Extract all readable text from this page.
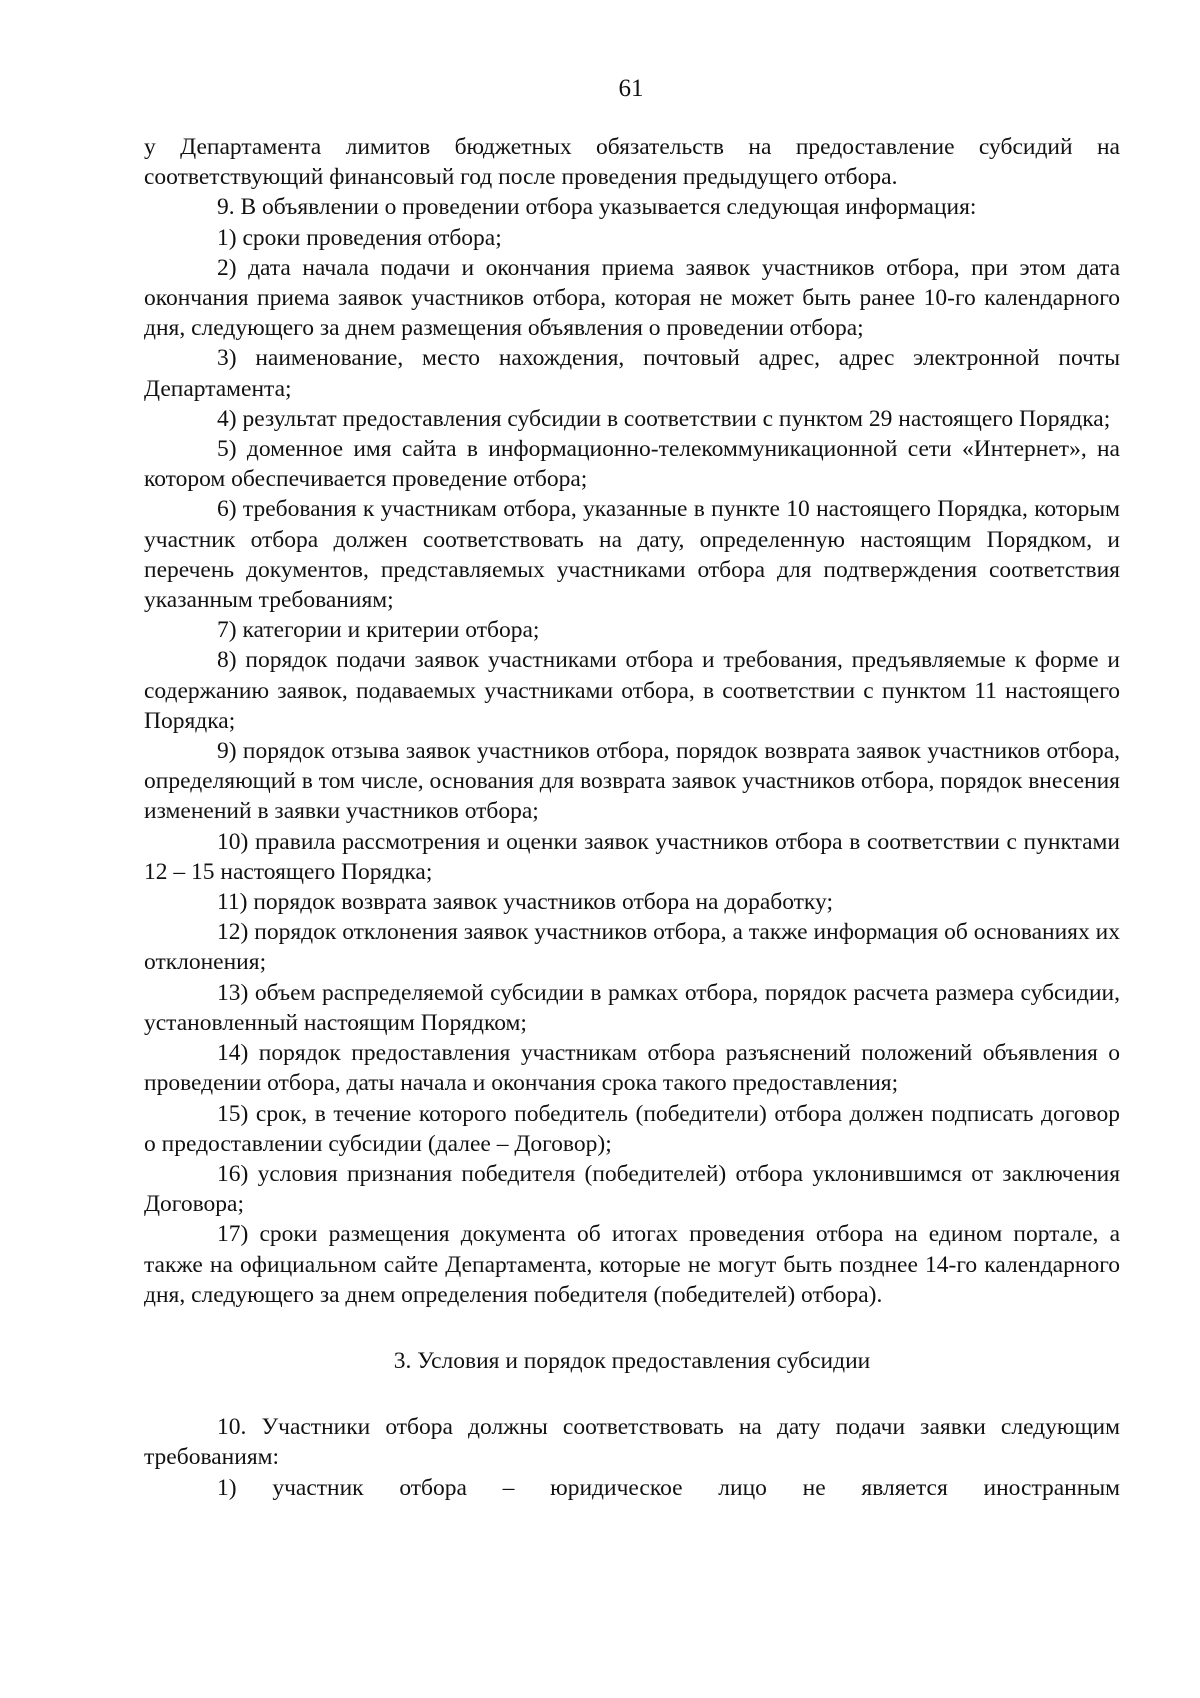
61

у Департамента лимитов бюджетных обязательств на предоставление субсидий на соответствующий финансовый год после проведения предыдущего отбора.

9. В объявлении о проведении отбора указывается следующая информация:

1) сроки проведения отбора;

2) дата начала подачи и окончания приема заявок участников отбора, при этом дата окончания приема заявок участников отбора, которая не может быть ранее 10-го календарного дня, следующего за днем размещения объявления о проведении отбора;

3) наименование, место нахождения, почтовый адрес, адрес электронной почты Департамента;

4) результат предоставления субсидии в соответствии с пунктом 29 настоящего Порядка;

5) доменное имя сайта в информационно-телекоммуникационной сети «Интернет», на котором обеспечивается проведение отбора;

6) требования к участникам отбора, указанные в пункте 10 настоящего Порядка, которым участник отбора должен соответствовать на дату, определенную настоящим Порядком, и перечень документов, представляемых участниками отбора для подтверждения соответствия указанным требованиям;

7) категории и критерии отбора;

8) порядок подачи заявок участниками отбора и требования, предъявляемые к форме и содержанию заявок, подаваемых участниками отбора, в соответствии с пунктом 11 настоящего Порядка;

9) порядок отзыва заявок участников отбора, порядок возврата заявок участников отбора, определяющий в том числе, основания для возврата заявок участников отбора, порядок внесения изменений в заявки участников отбора;

10) правила рассмотрения и оценки заявок участников отбора в соответствии с пунктами 12 – 15 настоящего Порядка;

11) порядок возврата заявок участников отбора на доработку;

12) порядок отклонения заявок участников отбора, а также информация об основаниях их отклонения;

13) объем распределяемой субсидии в рамках отбора, порядок расчета размера субсидии, установленный настоящим Порядком;

14) порядок предоставления участникам отбора разъяснений положений объявления о проведении отбора, даты начала и окончания срока такого предоставления;

15) срок, в течение которого победитель (победители) отбора должен подписать договор о предоставлении субсидии (далее – Договор);

16) условия признания победителя (победителей) отбора уклонившимся от заключения Договора;

17) сроки размещения документа об итогах проведения отбора на едином портале, а также на официальном сайте Департамента, которые не могут быть позднее 14-го календарного дня, следующего за днем определения победителя (победителей) отбора).

3. Условия и порядок предоставления субсидии

10. Участники отбора должны соответствовать на дату подачи заявки следующим требованиям:

1) участник отбора – юридическое лицо не является иностранным
